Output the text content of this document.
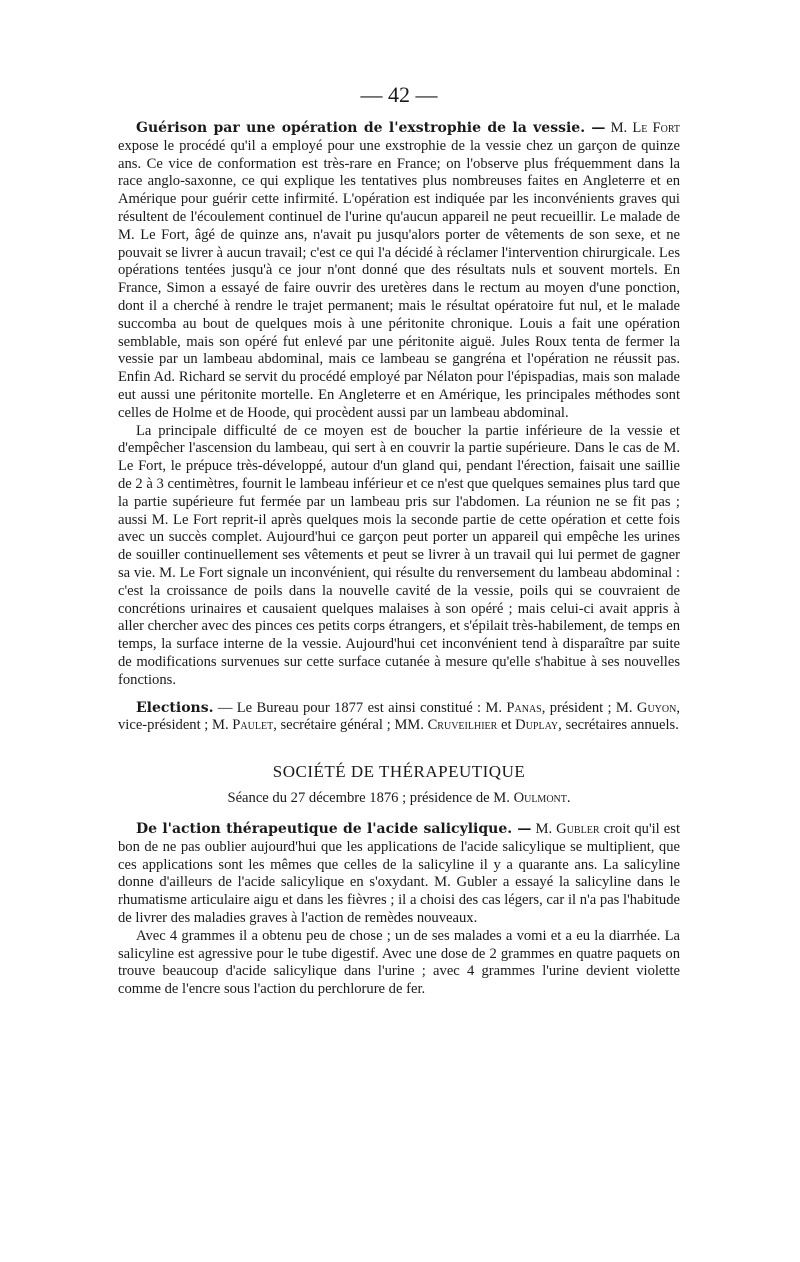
— 42 —

Guérison par une opération de l'exstrophie de la vessie. — M. Le Fort expose le procédé qu'il a employé pour une exstrophie de la vessie chez un garçon de quinze ans. Ce vice de conformation est très-rare en France; on l'observe plus fréquemment dans la race anglo-saxonne, ce qui explique les tentatives plus nombreuses faites en Angleterre et en Amérique pour guérir cette infirmité. L'opération est indiquée par les inconvénients graves qui résultent de l'écoulement continuel de l'urine qu'aucun appareil ne peut recueillir. Le malade de M. Le Fort, âgé de quinze ans, n'avait pu jusqu'alors porter de vêtements de son sexe, et ne pouvait se livrer à aucun travail; c'est ce qui l'a décidé à réclamer l'intervention chirurgicale. Les opérations tentées jusqu'à ce jour n'ont donné que des résultats nuls et souvent mortels. En France, Simon a essayé de faire ouvrir des uretères dans le rectum au moyen d'une ponction, dont il a cherché à rendre le trajet permanent; mais le résultat opératoire fut nul, et le malade succomba au bout de quelques mois à une péritonite chronique. Louis a fait une opération semblable, mais son opéré fut enlevé par une péritonite aiguë. Jules Roux tenta de fermer la vessie par un lambeau abdominal, mais ce lambeau se gangréna et l'opération ne réussit pas. Enfin Ad. Richard se servit du procédé employé par Nélaton pour l'épispadias, mais son malade eut aussi une péritonite mortelle. En Angleterre et en Amérique, les principales méthodes sont celles de Holme et de Hoode, qui procèdent aussi par un lambeau abdominal.

La principale difficulté de ce moyen est de boucher la partie inférieure de la vessie et d'empêcher l'ascension du lambeau, qui sert à en couvrir la partie supérieure. Dans le cas de M. Le Fort, le prépuce très-développé, autour d'un gland qui, pendant l'érection, faisait une saillie de 2 à 3 centimètres, fournit le lambeau inférieur et ce n'est que quelques semaines plus tard que la partie supérieure fut fermée par un lambeau pris sur l'abdomen. La réunion ne se fit pas ; aussi M. Le Fort reprit-il après quelques mois la seconde partie de cette opération et cette fois avec un succès complet. Aujourd'hui ce garçon peut porter un appareil qui empêche les urines de souiller continuellement ses vêtements et peut se livrer à un travail qui lui permet de gagner sa vie. M. Le Fort signale un inconvénient, qui résulte du renversement du lambeau abdominal : c'est la croissance de poils dans la nouvelle cavité de la vessie, poils qui se couvraient de concrétions urinaires et causaient quelques malaises à son opéré ; mais celui-ci avait appris à aller chercher avec des pinces ces petits corps étrangers, et s'épilait très-habilement, de temps en temps, la surface interne de la vessie. Aujourd'hui cet inconvénient tend à disparaître par suite de modifications survenues sur cette surface cutanée à mesure qu'elle s'habitue à ses nouvelles fonctions.

Elections. — Le Bureau pour 1877 est ainsi constitué : M. Panas, président ; M. Guyon, vice-président ; M. Paulet, secrétaire général ; MM. Cruveilhier et Duplay, secrétaires annuels.

SOCIÉTÉ DE THÉRAPEUTIQUE
Séance du 27 décembre 1876 ; présidence de M. Oulmont.

De l'action thérapeutique de l'acide salicylique. — M. Gubler croit qu'il est bon de ne pas oublier aujourd'hui que les applications de l'acide salicylique se multiplient, que ces applications sont les mêmes que celles de la salicyline il y a quarante ans. La salicyline donne d'ailleurs de l'acide salicylique en s'oxydant. M. Gubler a essayé la salicyline dans le rhumatisme articulaire aigu et dans les fièvres ; il a choisi des cas légers, car il n'a pas l'habitude de livrer des maladies graves à l'action de remèdes nouveaux.

Avec 4 grammes il a obtenu peu de chose ; un de ses malades a vomi et a eu la diarrhée. La salicyline est agressive pour le tube digestif. Avec une dose de 2 grammes en quatre paquets on trouve beaucoup d'acide salicylique dans l'urine ; avec 4 grammes l'urine devient violette comme de l'encre sous l'action du perchlorure de fer.
